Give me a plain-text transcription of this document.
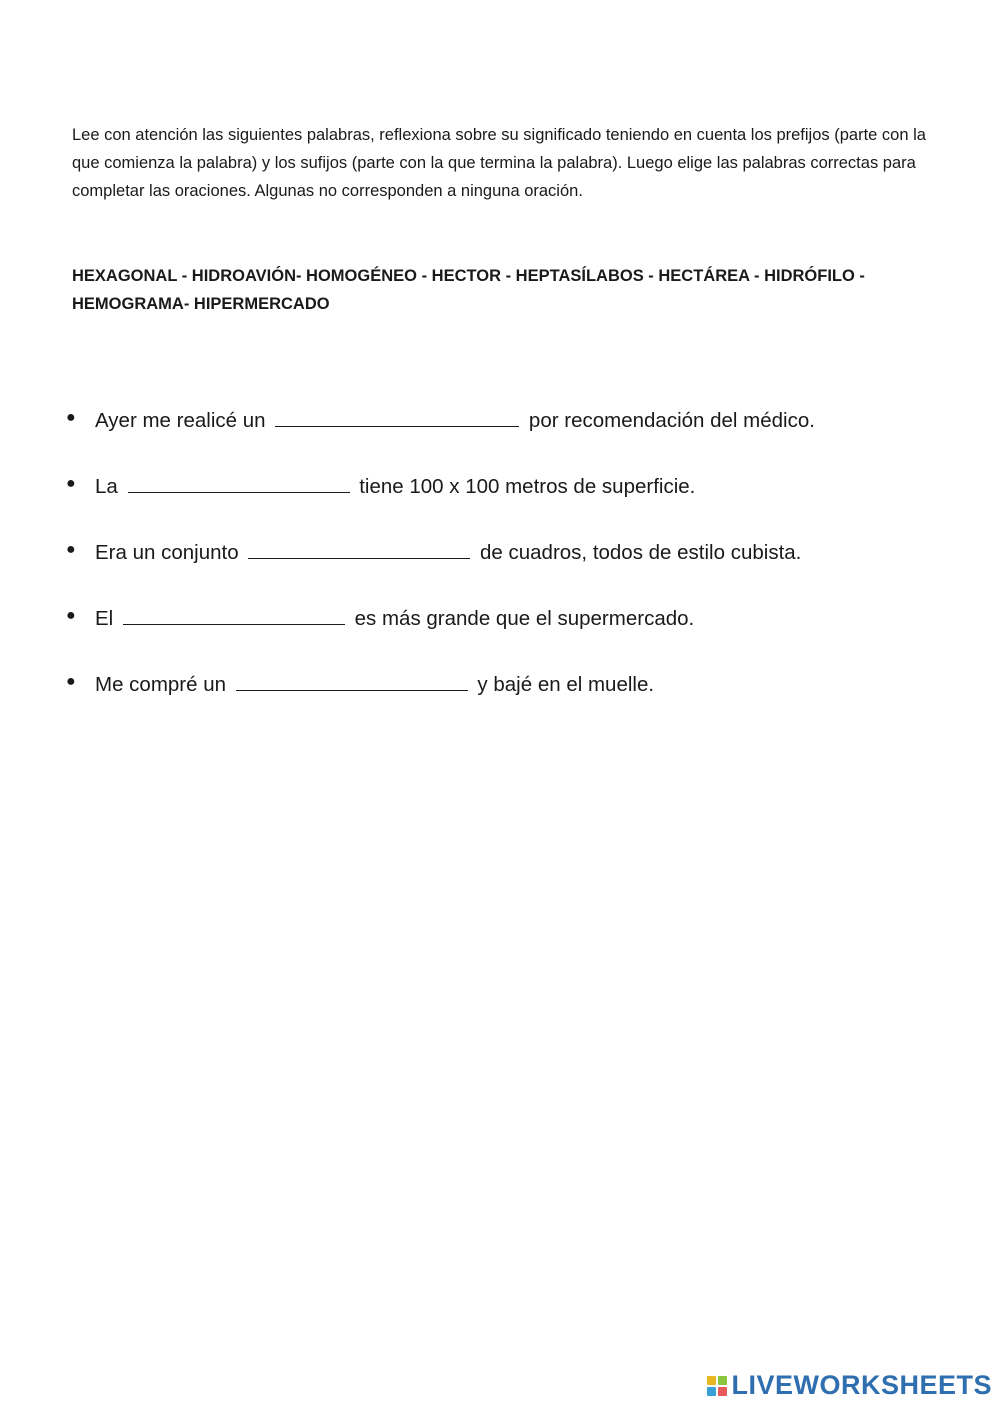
Lee con atención las siguientes palabras, reflexiona sobre su significado teniendo en cuenta los prefijos (parte con la que comienza la palabra) y los sufijos (parte con la que termina la palabra). Luego elige las palabras correctas para completar las oraciones. Algunas no corresponden a ninguna oración.

HEXAGONAL - HIDROAVIÓN- HOMOGÉNEO - HECTOR - HEPTASÍLABOS - HECTÁREA - HIDRÓFILO - HEMOGRAMA- HIPERMERCADO

● Ayer me realicé un	por recomendación del médico.
● La	tiene 100 x 100 metros de superficie.
● Era un conjunto	de cuadros, todos de estilo cubista.
● El	es más grande que el supermercado.
● Me compré un	y bajé en el muelle.
LIVEWORKSHEETS
